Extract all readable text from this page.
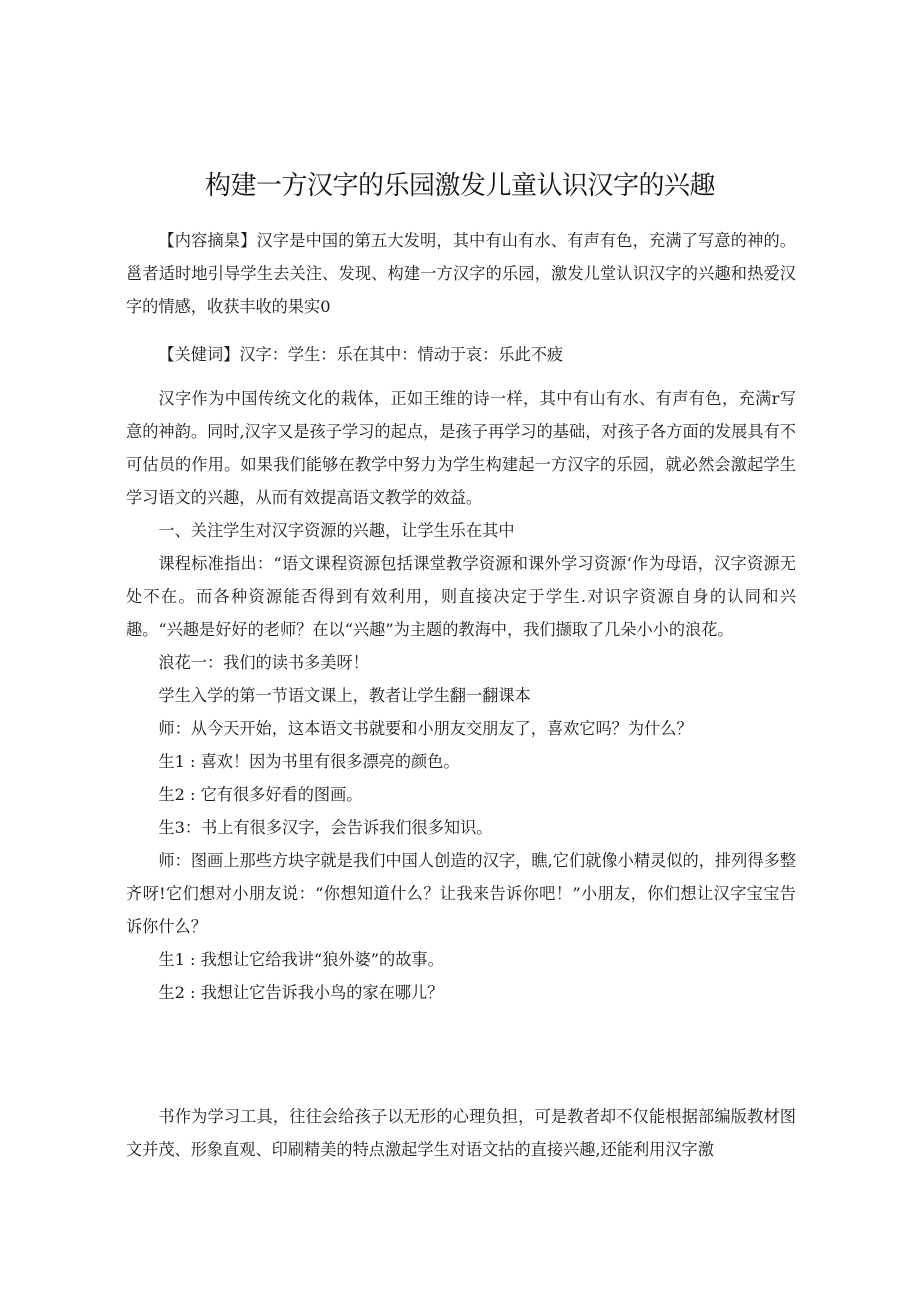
构建一方汉字的乐园激发儿童认识汉字的兴趣

【内容摘臬】汉字是中国的第五大发明，其中有山有水、有声有色，充满了写意的神的。邕者适时地引导学生去关注、发现、构建一方汉字的乐园，激发儿堂认识汉字的兴趣和热爱汉字的情感，收获丰收的果实0

【关健词】汉字：学生：乐在其中：情动于哀：乐此不疲

汉字作为中国传统文化的栽体，正如王维的诗一样，其中有山有水、有声有色，充满r写意的神韵。同时,汉字又是孩子学习的起点，是孩子再学习的基础，对孩子各方面的发展具有不可估员的作用。如果我们能够在教学中努力为学生构建起一方汉字的乐园，就必然会激起学生学习语文的兴趣，从而有效提高语文教学的效益。

一、关注学生对汉字资源的兴趣，让学生乐在其中

课程标准指出：“语文课程资源包括课堂教学资源和课外学习资源‘作为母语，汉字资源无处不在。而各种资源能否得到有效利用，则直接决定于学生.对识字资源自身的认同和兴趣。“兴趣是好好的老师？在以“兴趣”为主题的教海中，我们撷取了几朵小小的浪花。

浪花一：我们的读书多美呀！

学生入学的第一节语文课上，教者让学生翻一翻课本

师：从今天开始，这本语文书就要和小朋友交朋友了，喜欢它吗？为什么？

生1 : 喜欢！因为书里有很多漂亮的颜色。

生2 : 它有很多好看的图画。

生3：书上有很多汉字，会告诉我们很多知识。

师：图画上那些方块字就是我们中国人创造的汉字，瞧,它们就像小精灵似的，排列得多整齐呀!它们想对小朋友说：“你想知道什么？让我来告诉你吧！”小朋友，你们想让汉字宝宝告诉你什么？

生1 : 我想让它给我讲“狼外婆”的故事。

生2 : 我想让它告诉我小鸟的家在哪儿？

书作为学习工具，往往会给孩子以无形的心理负担，可是教者却不仅能根据部编版教材图文并茂、形象直观、印刷精美的特点激起学生对语文拈的直接兴趣,还能利用汉字激
